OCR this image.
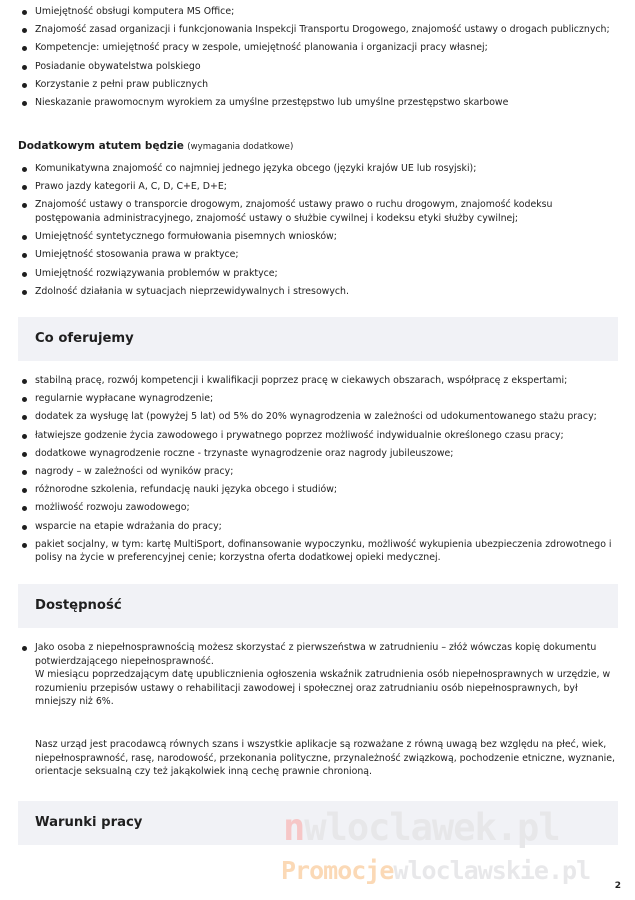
Umiejętność obsługi komputera MS Office;
Znajomość zasad organizacji i funkcjonowania Inspekcji Transportu Drogowego, znajomość ustawy o drogach publicznych;
Kompetencje: umiejętność pracy w zespole, umiejętność planowania i organizacji pracy własnej;
Posiadanie obywatelstwa polskiego
Korzystanie z pełni praw publicznych
Nieskazanie prawomocnym wyrokiem za umyślne przestępstwo lub umyślne przestępstwo skarbowe
Dodatkowym atutem będzie (wymagania dodatkowe)
Komunikatywna znajomość co najmniej jednego języka obcego (języki krajów UE lub rosyjski);
Prawo jazdy kategorii A, C, D, C+E, D+E;
Znajomość ustawy o transporcie drogowym, znajomość ustawy prawo o ruchu drogowym, znajomość kodeksu postępowania administracyjnego, znajomość ustawy o służbie cywilnej i kodeksu etyki służby cywilnej;
Umiejętność syntetycznego formułowania pisemnych wniosków;
Umiejętność stosowania prawa w praktyce;
Umiejętność rozwiązywania problemów w praktyce;
Zdolność działania w sytuacjach nieprzewidywalnych i stresowych.
Co oferujemy
stabilną pracę, rozwój kompetencji i kwalifikacji poprzez pracę w ciekawych obszarach, współpracę z ekspertami;
regularnie wypłacane wynagrodzenie;
dodatek za wysługę lat (powyżej 5 lat) od 5% do 20% wynagrodzenia w zależności od udokumentowanego stażu pracy;
łatwiejsze godzenie życia zawodowego i prywatnego poprzez możliwość indywidualnie określonego czasu pracy;
dodatkowe wynagrodzenie roczne - trzynaste wynagrodzenie oraz nagrody jubileuszowe;
nagrody – w zależności od wyników pracy;
różnorodne szkolenia, refundację nauki języka obcego i studiów;
możliwość rozwoju zawodowego;
wsparcie na etapie wdrażania do pracy;
pakiet socjalny, w tym: kartę MultiSport, dofinansowanie wypoczynku, możliwość wykupienia ubezpieczenia zdrowotnego i polisy na życie w preferencyjnej cenie; korzystna oferta dodatkowej opieki medycznej.
Dostępność
Jako osoba z niepełnosprawnością możesz skorzystać z pierwszeństwa w zatrudnieniu – złóż wówczas kopię dokumentu potwierdzającego niepełnosprawność.
W miesiącu poprzedzającym datę upublicznienia ogłoszenia wskaźnik zatrudnienia osób niepełnosprawnych w urzędzie, w rozumieniu przepisów ustawy o rehabilitacji zawodowej i społecznej oraz zatrudnianiu osób niepełnosprawnych, był mniejszy niż 6%.

Nasz urząd jest pracodawcą równych szans i wszystkie aplikacje są rozważane z równą uwagą bez względu na płeć, wiek, niepełnosprawność, rasę, narodowość, przekonania polityczne, przynależność związkową, pochodzenie etniczne, wyznanie, orientacje seksualną czy też jakąkolwiek inną cechę prawnie chronioną.

Warunki pracy	nwloclawek.pl
Promocjewloclawskie.pl
2
